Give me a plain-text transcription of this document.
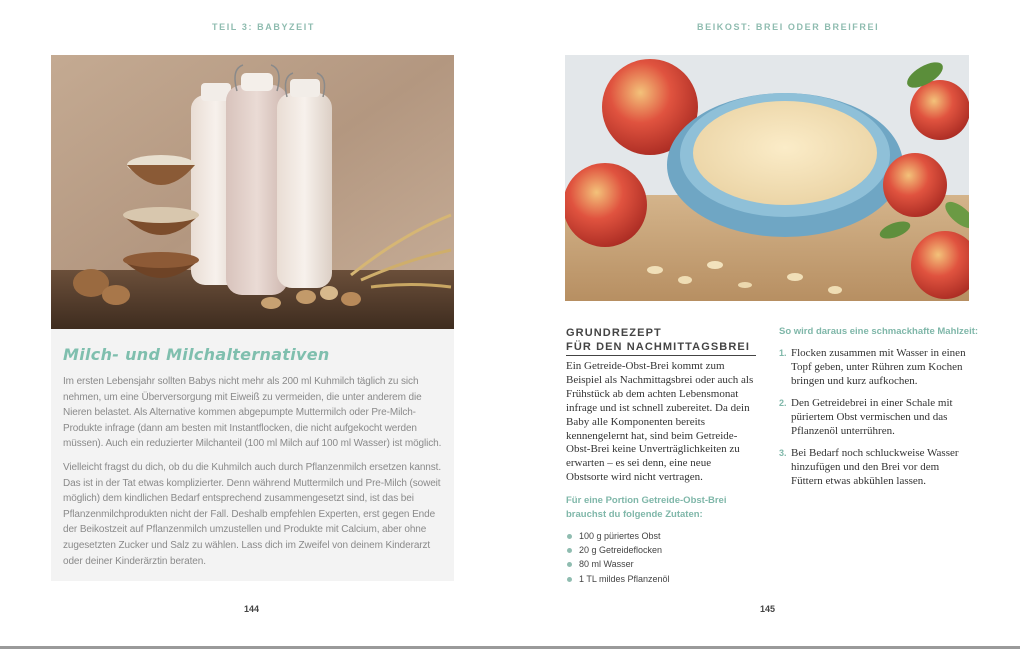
TEIL 3: BABYZEIT
Milch- und Milchalternativen
Im ersten Lebensjahr sollten Babys nicht mehr als 200 ml Kuhmilch täglich zu sich nehmen, um eine Überversorgung mit Eiweiß zu vermeiden, die unter anderem die Nieren belastet. Als Alternative kommen abgepumpte Muttermilch oder Pre-Milch-Produkte infrage (dann am besten mit Instantflocken, die nicht aufgekocht werden müssen). Auch ein reduzierter Milchanteil (100 ml Milch auf 100 ml Wasser) ist möglich.
Vielleicht fragst du dich, ob du die Kuhmilch auch durch Pflanzenmilch ersetzen kannst. Das ist in der Tat etwas komplizierter. Denn während Muttermilch und Pre-Milch (soweit möglich) dem kindlichen Bedarf entsprechend zusammengesetzt sind, ist das bei Pflanzenmilchprodukten nicht der Fall. Deshalb empfehlen Experten, erst gegen Ende der Beikostzeit auf Pflanzenmilch umzustellen und Produkte mit Calcium, aber ohne zugesetzten Zucker und Salz zu wählen. Lass dich im Zweifel von deinem Kinderarzt oder deiner Kinderärztin beraten.
144
BEIKOST: BREI ODER BREIFREI
GRUNDREZEPT
FÜR DEN NACHMITTAGSBREI
Ein Getreide-Obst-Brei kommt zum Beispiel als Nachmittagsbrei oder auch als Frühstück ab dem achten Lebensmonat infrage und ist schnell zubereitet. Da dein Baby alle Komponenten bereits kennengelernt hat, sind beim Getreide-Obst-Brei keine Unverträglichkeiten zu erwarten – es sei denn, eine neue Obstsorte wird nicht vertragen.
Für eine Portion Getreide-Obst-Brei brauchst du folgende Zutaten:
100 g püriertes Obst
20 g Getreideflocken
80 ml Wasser
1 TL mildes Pflanzenöl
So wird daraus eine schmackhafte Mahlzeit:
1. Flocken zusammen mit Wasser in einen Topf geben, unter Rühren zum Kochen bringen und kurz aufkochen.
2. Den Getreidebrei in einer Schale mit püriertem Obst vermischen und das Pflanzenöl unterrühren.
3. Bei Bedarf noch schluckweise Wasser hinzufügen und den Brei vor dem Füttern etwas abkühlen lassen.
145
